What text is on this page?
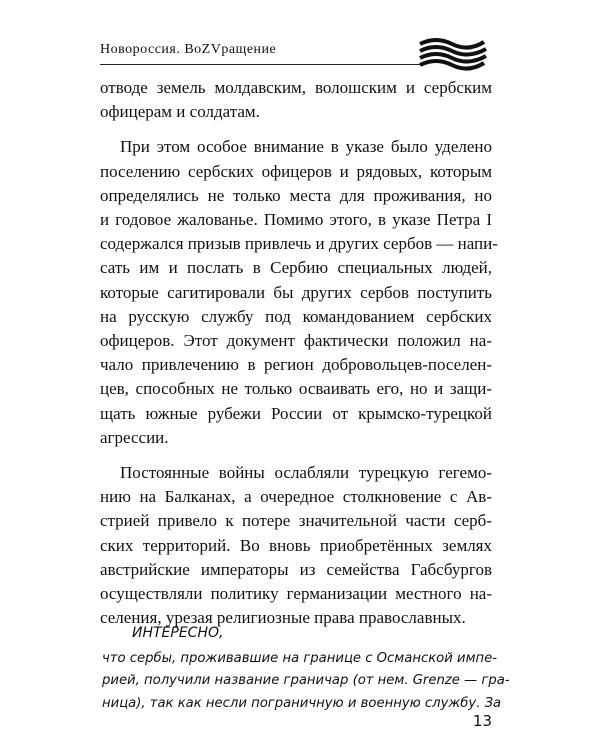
Новороссия. BoZVращение
отводе земель молдавским, волошским и сербским
офицерам и солдатам.
При этом особое внимание в указе было уделено
поселению сербских офицеров и рядовых, которым
определялись не только места для проживания, но
и годовое жалованье. Помимо этого, в указе Петра I
содержался призыв привлечь и других сербов — напи-
сать им и послать в Сербию специальных людей,
которые сагитировали бы других сербов поступить
на русскую службу под командованием сербских
офицеров. Этот документ фактически положил на-
чало привлечению в регион добровольцев-поселен-
цев, способных не только осваивать его, но и защи-
щать южные рубежи России от крымско-турецкой
агрессии.
Постоянные войны ослабляли турецкую гегемо-
нию на Балканах, а очередное столкновение с Ав-
стрией привело к потере значительной части серб-
ских территорий. Во вновь приобретённых землях
австрийские императоры из семейства Габсбургов
осуществляли политику германизации местного на-
селения, урезая религиозные права православных.
ИНТЕРЕСНО,
что сербы, проживавшие на границе с Османской импе-
рией, получили название граничар (от нем. Grenze — гра-
ница), так как несли пограничную и военную службу. За
13
